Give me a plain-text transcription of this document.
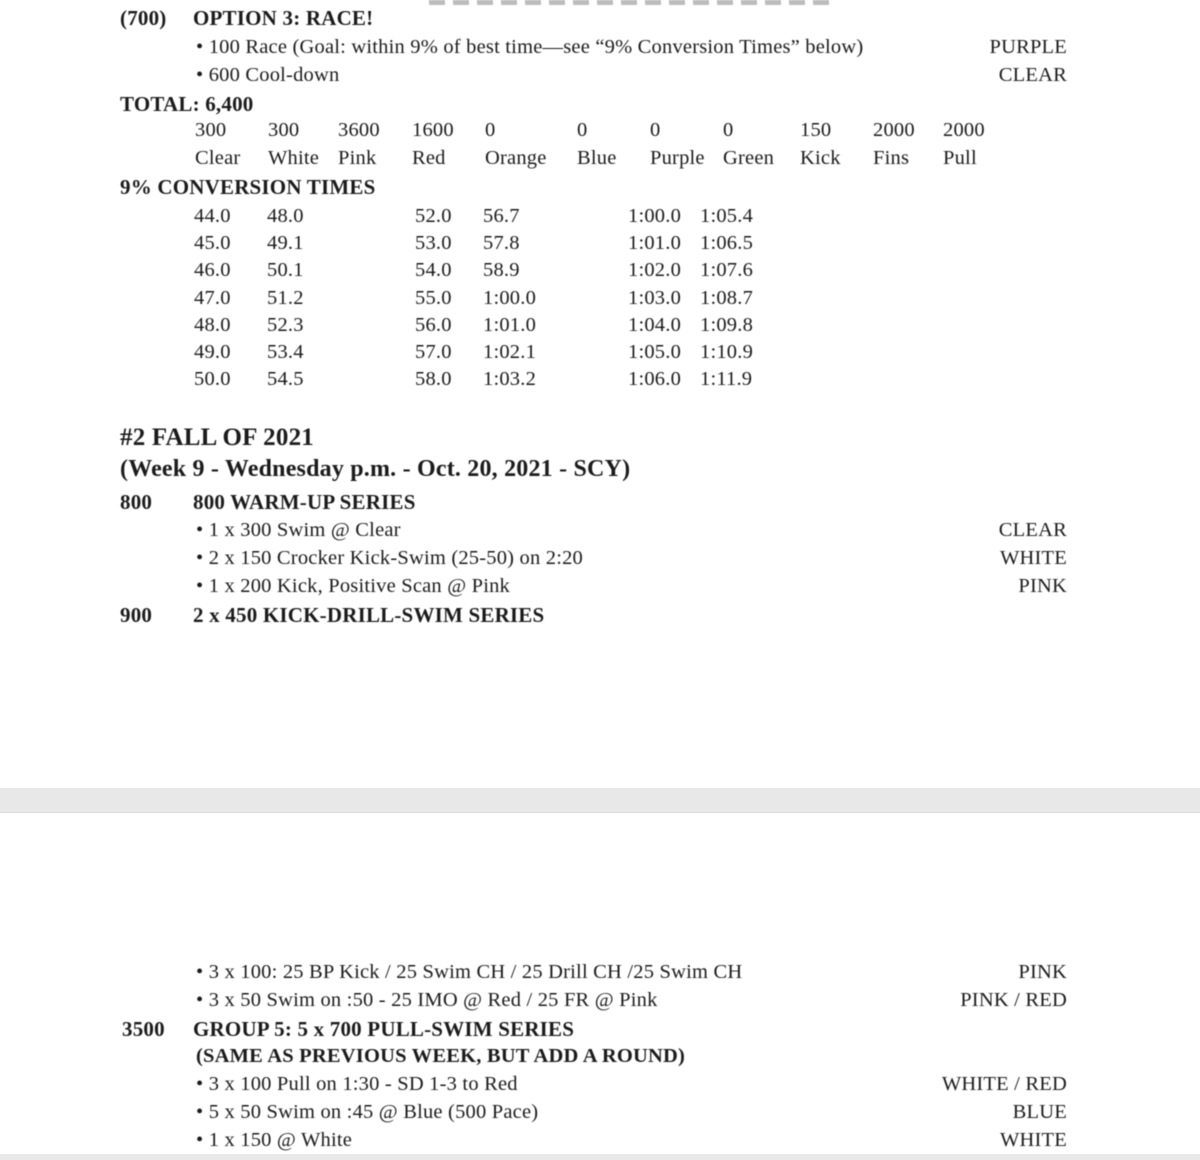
(700) OPTION 3: RACE!
• 100 Race (Goal: within 9% of best time—see “9% Conversion Times” below)	PURPLE
• 600 Cool-down	CLEAR
TOTAL: 6,400
300 300 3600 1600 0	0	0	0	150 2000 2000
Clear White Pink Red Orange Blue Purple Green Kick Fins Pull
9% CONVERSION TIMES
44.0 48.0	52.0 56.7	1:00.0 1:05.4
45.0 49.1	53.0 57.8	1:01.0 1:06.5
46.0 50.1	54.0 58.9	1:02.0 1:07.6
47.0 51.2	55.0 1:00.0	1:03.0 1:08.7
48.0 52.3	56.0 1:01.0	1:04.0 1:09.8
49.0 53.4	57.0 1:02.1	1:05.0 1:10.9
50.0 54.5	58.0 1:03.2	1:06.0 1:11.9
#2 FALL OF 2021
(Week 9 - Wednesday p.m. - Oct. 20, 2021 - SCY)
800 800 WARM-UP SERIES
• 1 x 300 Swim @ Clear	CLEAR
• 2 x 150 Crocker Kick-Swim (25-50) on 2:20	WHITE
• 1 x 200 Kick, Positive Scan @ Pink	PINK
900 2 x 450 KICK-DRILL-SWIM SERIES
• 3 x 100: 25 BP Kick / 25 Swim CH / 25 Drill CH /25 Swim CH	PINK
• 3 x 50 Swim on :50 - 25 IMO @ Red / 25 FR @ Pink	PINK / RED
3500 GROUP 5: 5 x 700 PULL-SWIM SERIES
(SAME AS PREVIOUS WEEK, BUT ADD A ROUND)
• 3 x 100 Pull on 1:30 - SD 1-3 to Red	WHITE / RED
• 5 x 50 Swim on :45 @ Blue (500 Pace)	BLUE
• 1 x 150 @ White	WHITE
